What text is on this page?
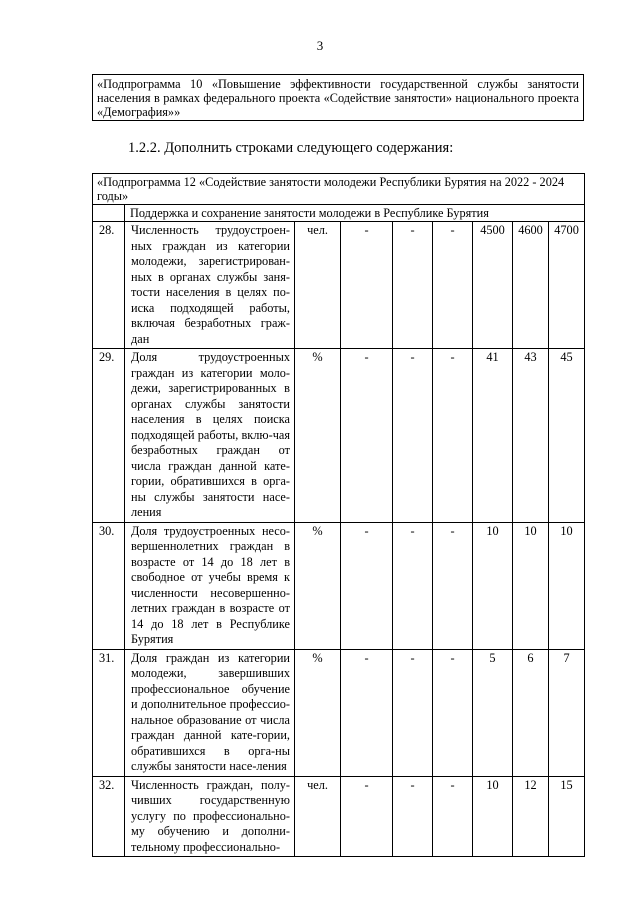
3
«Подпрограмма 10 «Повышение эффективности государственной службы занятости населения в рамках федерального проекта «Содействие занятости» национального проекта «Демография»»
1.2.2. Дополнить строками следующего содержания:
«Подпрограмма 12 «Содействие занятости молодежи Республики Бурятия на 2022 - 2024 годы»								
	Поддержка и сохранение занятости молодежи в Республике Бурятия							
28.	Численность трудоустроен-ных граждан из категории молодежи, зарегистрирован-ных в органах службы заня-тости населения в целях по-иска подходящей работы, включая безработных граж-дан	чел.	-	-	-	4500	4600	4700
29.	Доля трудоустроенных граждан из категории моло-дежи, зарегистрированных в органах службы занятости населения в целях поиска подходящей работы, вклю-чая безработных граждан от числа граждан данной кате-гории, обратившихся в орга-ны службы занятости насе-ления	%	-	-	-	41	43	45
30.	Доля трудоустроенных несо-вершеннолетних граждан в возрасте от 14 до 18 лет в свободное от учебы время к численности несовершенно-летних граждан в возрасте от 14 до 18 лет в Республике Бурятия	%	-	-	-	10	10	10
31.	Доля граждан из категории молодежи, завершивших профессиональное обучение и дополнительное профессио-нальное образование от числа граждан данной кате-гории, обратившихся в орга-ны службы занятости насе-ления	%	-	-	-	5	6	7
32.	Численность граждан, полу-чивших государственную услугу по профессионально-му обучению и дополни-тельному профессионально-	чел.	-	-	-	10	12	15
